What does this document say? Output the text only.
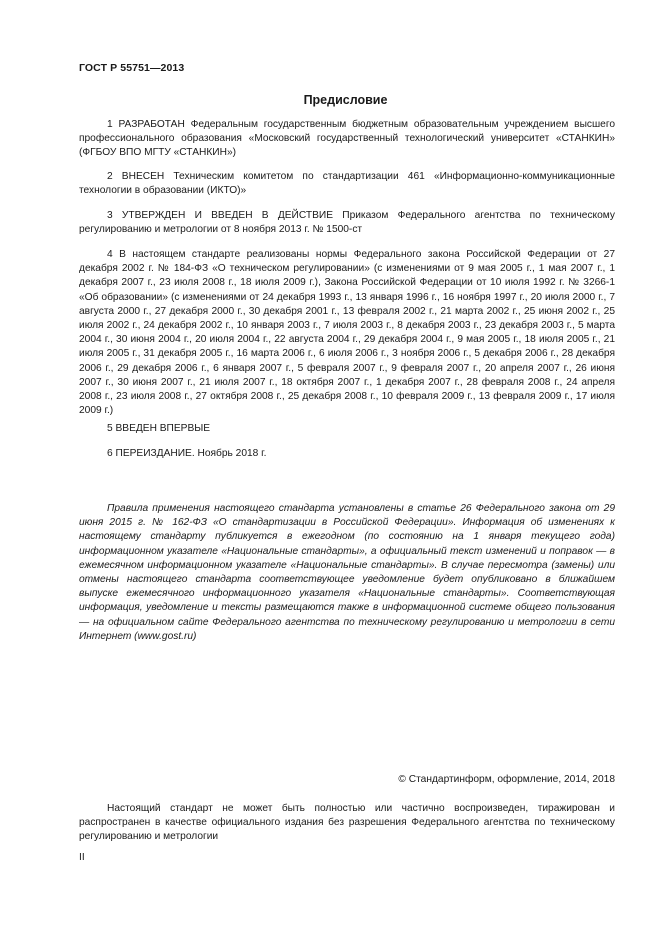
ГОСТ Р 55751—2013
Предисловие
1 РАЗРАБОТАН Федеральным государственным бюджетным образовательным учреждением высшего профессионального образования «Московский государственный технологический университет «СТАНКИН» (ФГБОУ ВПО МГТУ «СТАНКИН»)
2 ВНЕСЕН Техническим комитетом по стандартизации 461 «Информационно-коммуникационные технологии в образовании (ИКТО)»
3 УТВЕРЖДЕН И ВВЕДЕН В ДЕЙСТВИЕ Приказом Федерального агентства по техническому регулированию и метрологии от 8 ноября 2013 г. № 1500-ст
4 В настоящем стандарте реализованы нормы Федерального закона Российской Федерации от 27 декабря 2002 г. № 184-ФЗ «О техническом регулировании» (с изменениями от 9 мая 2005 г., 1 мая 2007 г., 1 декабря 2007 г., 23 июля 2008 г., 18 июля 2009 г.), Закона Российской Федерации от 10 июля 1992 г. № 3266-1 «Об образовании» (с изменениями от 24 декабря 1993 г., 13 января 1996 г., 16 ноября 1997 г., 20 июля 2000 г., 7 августа 2000 г., 27 декабря 2000 г., 30 декабря 2001 г., 13 февраля 2002 г., 21 марта 2002 г., 25 июня 2002 г., 25 июля 2002 г., 24 декабря 2002 г., 10 января 2003 г., 7 июля 2003 г., 8 декабря 2003 г., 23 декабря 2003 г., 5 марта 2004 г., 30 июня 2004 г., 20 июля 2004 г., 22 августа 2004 г., 29 декабря 2004 г., 9 мая 2005 г., 18 июля 2005 г., 21 июля 2005 г., 31 декабря 2005 г., 16 марта 2006 г., 6 июля 2006 г., 3 ноября 2006 г., 5 декабря 2006 г., 28 декабря 2006 г., 29 декабря 2006 г., 6 января 2007 г., 5 февраля 2007 г., 9 февраля 2007 г., 20 апреля 2007 г., 26 июня 2007 г., 30 июня 2007 г., 21 июля 2007 г., 18 октября 2007 г., 1 декабря 2007 г., 28 февраля 2008 г., 24 апреля 2008 г., 23 июля 2008 г., 27 октября 2008 г., 25 декабря 2008 г., 10 февраля 2009 г., 13 февраля 2009 г., 17 июля 2009 г.)
5 ВВЕДЕН ВПЕРВЫЕ
6 ПЕРЕИЗДАНИЕ. Ноябрь 2018 г.
Правила применения настоящего стандарта установлены в статье 26 Федерального закона от 29 июня 2015 г. № 162-ФЗ «О стандартизации в Российской Федерации». Информация об изменениях к настоящему стандарту публикуется в ежегодном (по состоянию на 1 января текущего года) информационном указателе «Национальные стандарты», а официальный текст изменений и поправок — в ежемесячном информационном указателе «Национальные стандарты». В случае пересмотра (замены) или отмены настоящего стандарта соответствующее уведомление будет опубликовано в ближайшем выпуске ежемесячного информационного указателя «Национальные стандарты». Соответствующая информация, уведомление и тексты размещаются также в информационной системе общего пользования — на официальном сайте Федерального агентства по техническому регулированию и метрологии в сети Интернет (www.gost.ru)
© Стандартинформ, оформление, 2014, 2018
Настоящий стандарт не может быть полностью или частично воспроизведен, тиражирован и распространен в качестве официального издания без разрешения Федерального агентства по техническому регулированию и метрологии
II
